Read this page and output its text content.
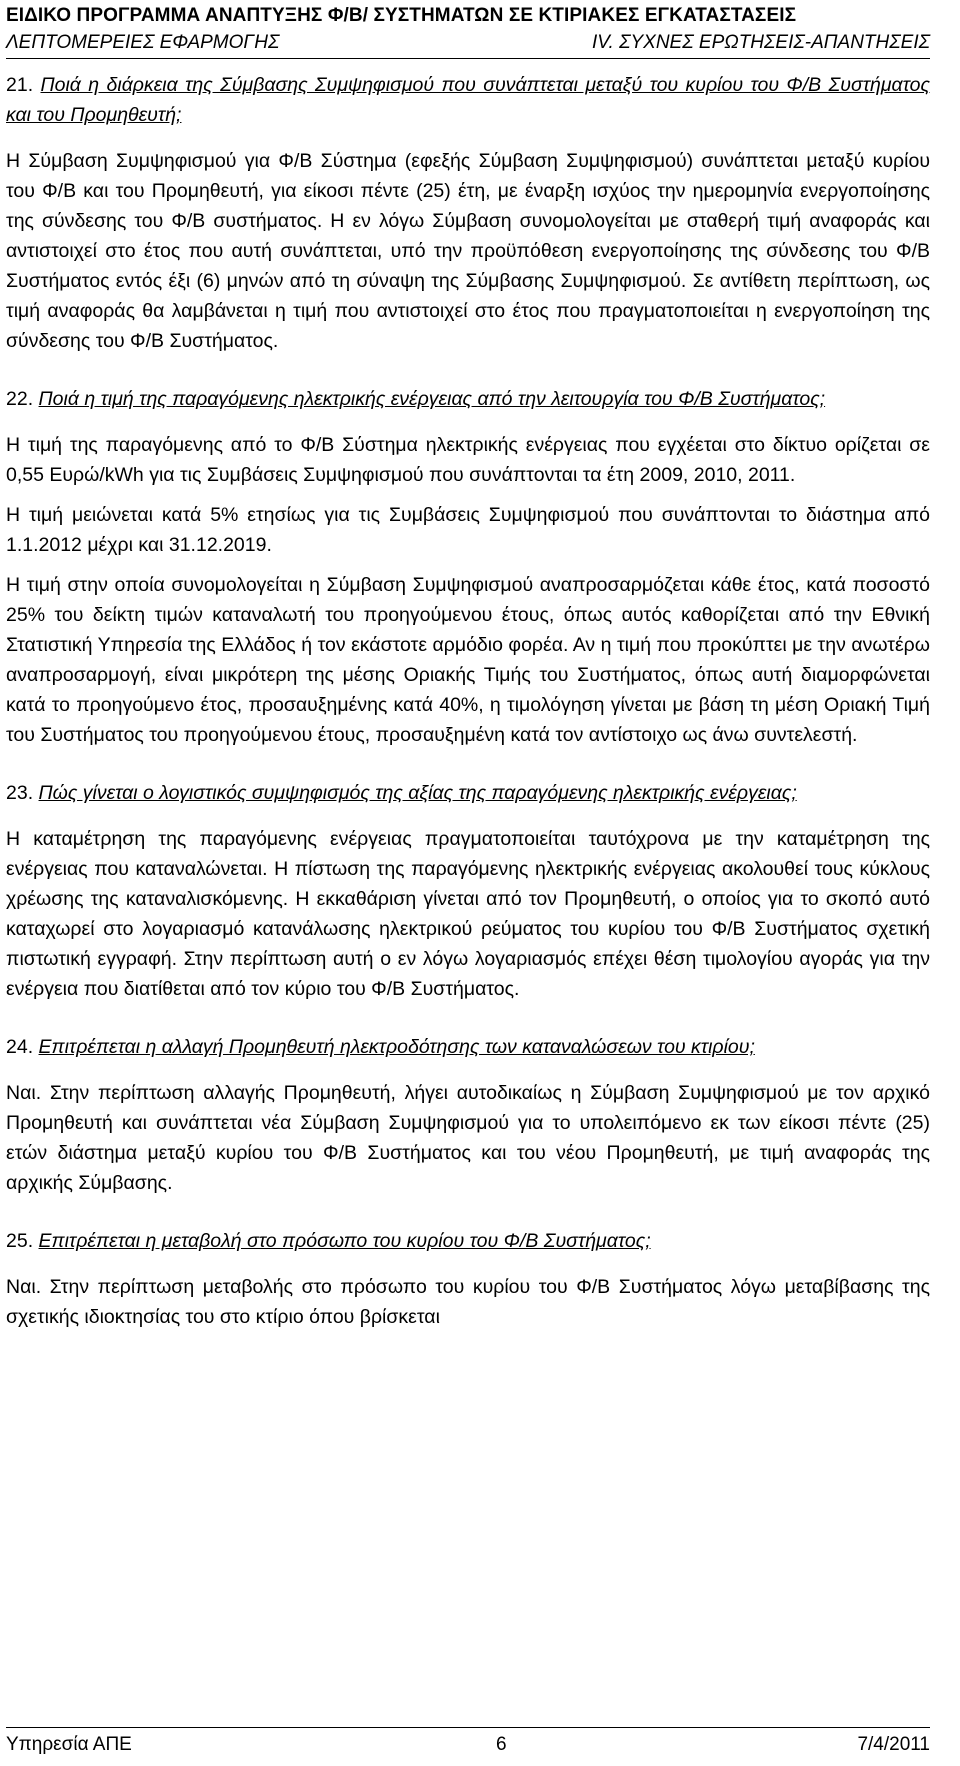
ΕΙΔΙΚΟ ΠΡΟΓΡΑΜΜΑ ΑΝΑΠΤΥΞΗΣ Φ/Β/ ΣΥΣΤΗΜΑΤΩΝ ΣΕ ΚΤΙΡΙΑΚΕΣ ΕΓΚΑΤΑΣΤΑΣΕΙΣ
ΛΕΠΤΟΜΕΡΕΙΕΣ ΕΦΑΡΜΟΓΗΣ	IV. ΣΥΧΝΕΣ ΕΡΩΤΗΣΕΙΣ-ΑΠΑΝΤΗΣΕΙΣ

21. Ποιά η διάρκεια της Σύμβασης Συμψηφισμού που συνάπτεται μεταξύ του κυρίου του Φ/Β Συστήματος και του Προμηθευτή;

Η Σύμβαση Συμψηφισμού για Φ/Β Σύστημα (εφεξής Σύμβαση Συμψηφισμού) συνάπτεται μεταξύ κυρίου του Φ/Β και του Προμηθευτή, για είκοσι πέντε (25) έτη, με έναρξη ισχύος την ημερομηνία ενεργοποίησης της σύνδεσης του Φ/Β συστήματος. Η εν λόγω Σύμβαση συνομολογείται με σταθερή τιμή αναφοράς και αντιστοιχεί στο έτος που αυτή συνάπτεται, υπό την προϋπόθεση ενεργοποίησης της σύνδεσης του Φ/Β Συστήματος εντός έξι (6) μηνών από τη σύναψη της Σύμβασης Συμψηφισμού. Σε αντίθετη περίπτωση, ως τιμή αναφοράς θα λαμβάνεται η τιμή που αντιστοιχεί στο έτος που πραγματοποιείται η ενεργοποίηση της σύνδεσης του Φ/Β Συστήματος.

22. Ποιά η τιμή της παραγόμενης ηλεκτρικής ενέργειας από την λειτουργία του Φ/Β Συστήματος;

Η τιμή της παραγόμενης από το Φ/Β Σύστημα ηλεκτρικής ενέργειας που εγχέεται στο δίκτυο ορίζεται σε 0,55 Ευρώ/kWh για τις Συμβάσεις Συμψηφισμού που συνάπτονται τα έτη 2009, 2010, 2011.

Η τιμή μειώνεται κατά 5% ετησίως για τις Συμβάσεις Συμψηφισμού που συνάπτονται το διάστημα από 1.1.2012 μέχρι και 31.12.2019.

Η τιμή στην οποία συνομολογείται η Σύμβαση Συμψηφισμού αναπροσαρμόζεται κάθε έτος, κατά ποσοστό 25% του δείκτη τιμών καταναλωτή του προηγούμενου έτους, όπως αυτός καθορίζεται από την Εθνική Στατιστική Υπηρεσία της Ελλάδος ή τον εκάστοτε αρμόδιο φορέα. Αν η τιμή που προκύπτει με την ανωτέρω αναπροσαρμογή, είναι μικρότερη της μέσης Οριακής Τιμής του Συστήματος, όπως αυτή διαμορφώνεται κατά το προηγούμενο έτος, προσαυξημένης κατά 40%, η τιμολόγηση γίνεται με βάση τη μέση Οριακή Τιμή του Συστήματος του προηγούμενου έτους, προσαυξημένη κατά τον αντίστοιχο ως άνω συντελεστή.

23. Πώς γίνεται ο λογιστικός συμψηφισμός της αξίας της παραγόμενης ηλεκτρικής ενέργειας;

Η καταμέτρηση της παραγόμενης ενέργειας πραγματοποιείται ταυτόχρονα με την καταμέτρηση της ενέργειας που καταναλώνεται. Η πίστωση της παραγόμενης ηλεκτρικής ενέργειας ακολουθεί τους κύκλους χρέωσης της καταναλισκόμενης. Η εκκαθάριση γίνεται από τον Προμηθευτή, ο οποίος για το σκοπό αυτό καταχωρεί στο λογαριασμό κατανάλωσης ηλεκτρικού ρεύματος του κυρίου του Φ/Β Συστήματος σχετική πιστωτική εγγραφή. Στην περίπτωση αυτή ο εν λόγω λογαριασμός επέχει θέση τιμολογίου αγοράς για την ενέργεια που διατίθεται από τον κύριο του Φ/Β Συστήματος.

24. Επιτρέπεται η αλλαγή Προμηθευτή ηλεκτροδότησης των καταναλώσεων του κτιρίου;

Ναι. Στην περίπτωση αλλαγής Προμηθευτή, λήγει αυτοδικαίως η Σύμβαση Συμψηφισμού με τον αρχικό Προμηθευτή και συνάπτεται νέα Σύμβαση Συμψηφισμού για το υπολειπόμενο εκ των είκοσι πέντε (25) ετών διάστημα μεταξύ κυρίου του Φ/Β Συστήματος και του νέου Προμηθευτή, με τιμή αναφοράς της αρχικής Σύμβασης.

25. Επιτρέπεται η μεταβολή στο πρόσωπο του κυρίου του Φ/Β Συστήματος;

Ναι. Στην περίπτωση μεταβολής στο πρόσωπο του κυρίου του Φ/Β Συστήματος λόγω μεταβίβασης της σχετικής ιδιοκτησίας του στο κτίριο όπου βρίσκεται

Υπηρεσία ΑΠΕ	6	7/4/2011
